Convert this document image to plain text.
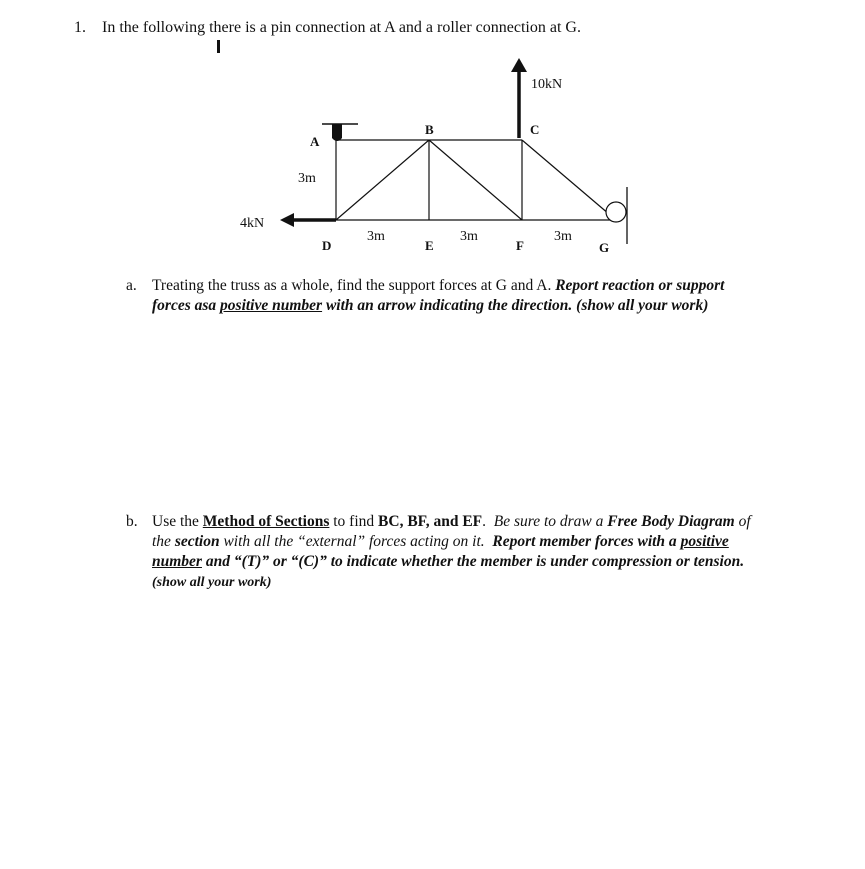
1. In the following there is a pin connection at A and a roller connection at G.
A
B	C
D	E	F	G
10kN
4kN
3m
3m	3m	3m
a. Treating the truss as a whole, find the support forces at G and A. Report reaction or support
forces asa positive number with an arrow indicating the direction. (show all your work)
b. Use the Method of Sections to find BC, BF, and EF. Be sure to draw a Free Body Diagram of
the section with all the “external” forces acting on it. Report member forces with a positive
number and “(T)” or “(C)” to indicate whether the member is under compression or tension.
(show all your work)
